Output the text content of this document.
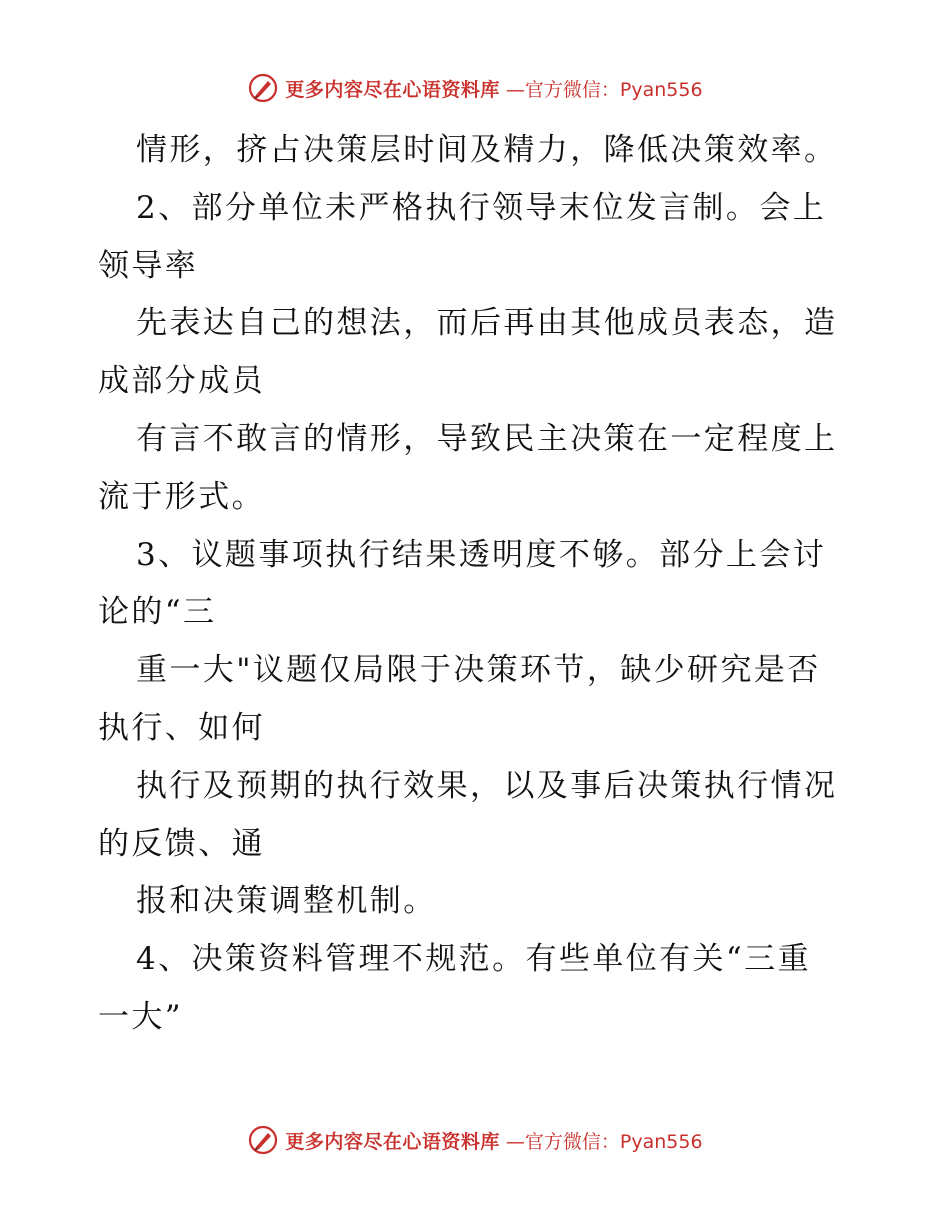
更多内容尽在心语资料库 —官方微信：Pyan556
情形，挤占决策层时间及精力，降低决策效率。
2、部分单位未严格执行领导末位发言制。会上
领导率
先表达自己的想法，而后再由其他成员表态，造
成部分成员
有言不敢言的情形，导致民主决策在一定程度上
流于形式。
3、议题事项执行结果透明度不够。部分上会讨
论的“三
重一大"议题仅局限于决策环节，缺少研究是否
执行、如何
执行及预期的执行效果，以及事后决策执行情况
的反馈、通
报和决策调整机制。
4、决策资料管理不规范。有些单位有关“三重
一大”
更多内容尽在心语资料库 —官方微信：Pyan556
